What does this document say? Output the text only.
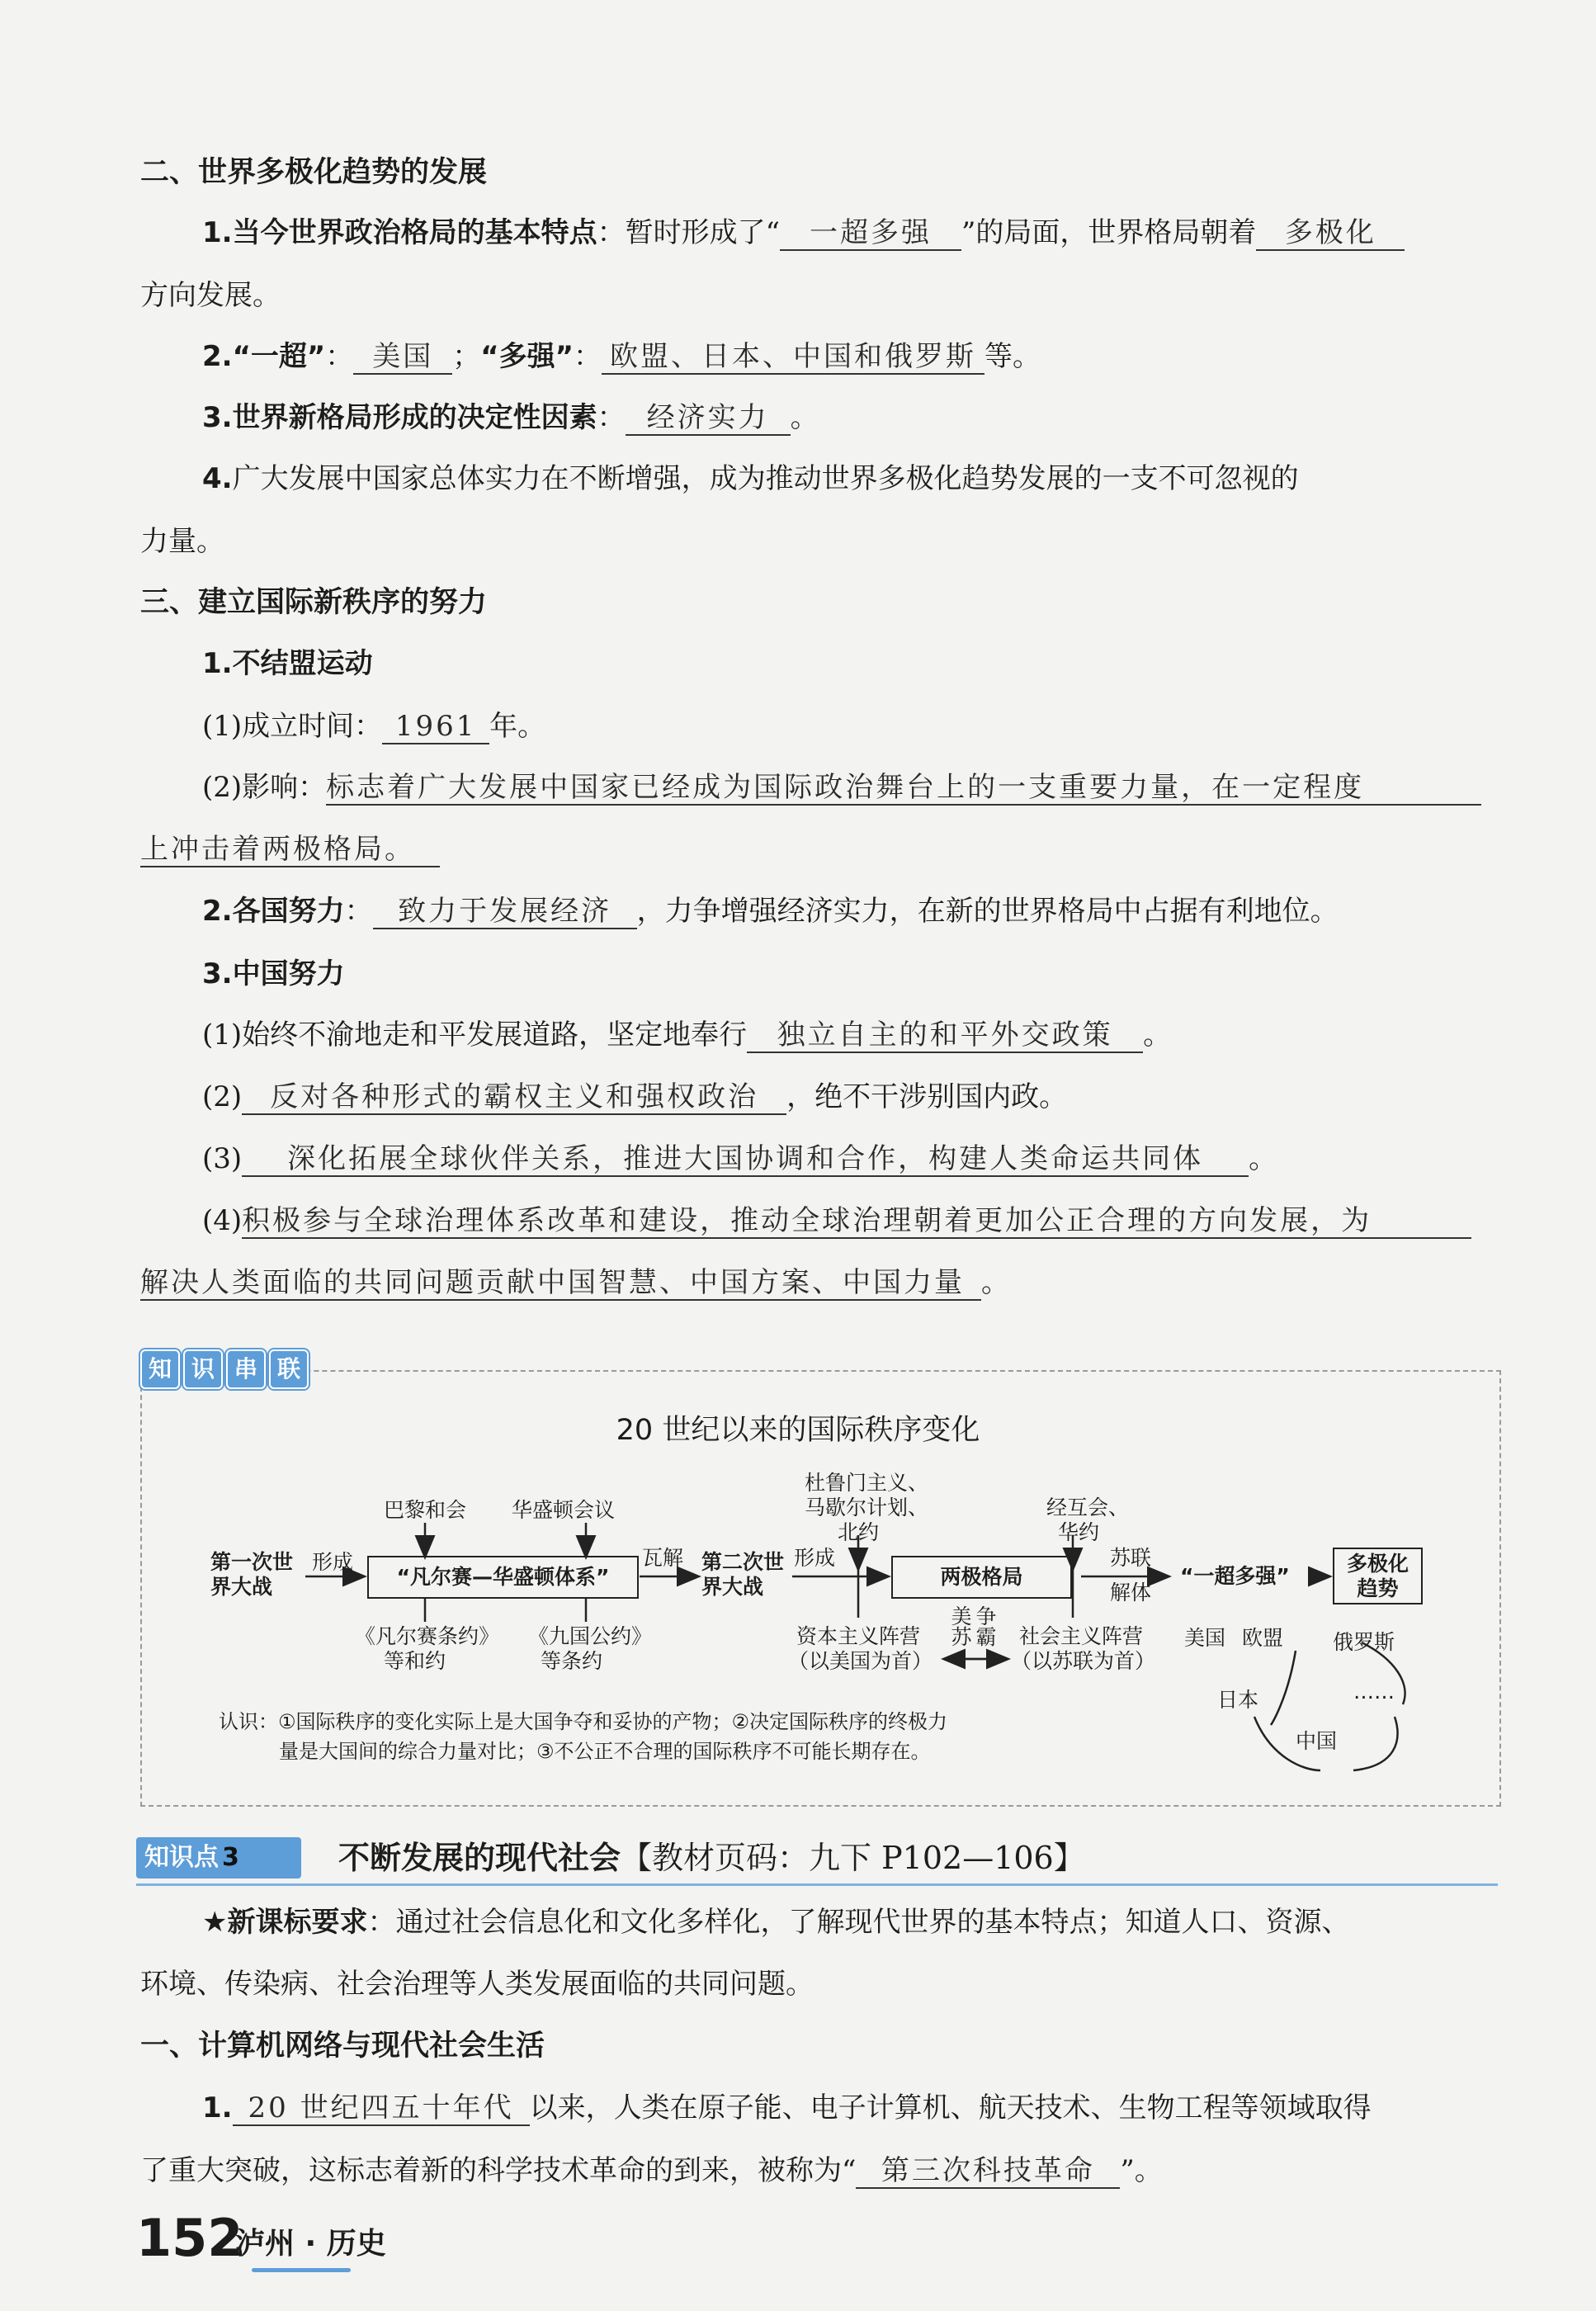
二、世界多极化趋势的发展
1.当今世界政治格局的基本特点：暂时形成了“ 一超多强 ”的局面，世界格局朝着 多极化
方向发展。
2.“一超”： 美国 ；“多强”： 欧盟、日本、中国和俄罗斯 等。
3.世界新格局形成的决定性因素： 经济实力 。
4.广大发展中国家总体实力在不断增强，成为推动世界多极化趋势发展的一支不可忽视的
力量。
三、建立国际新秩序的努力
1.不结盟运动
(1)成立时间： 1961 年。
(2)影响：标志着广大发展中国家已经成为国际政治舞台上的一支重要力量，在一定程度
上冲击着两极格局。
2.各国努力： 致力于发展经济 ，力争增强经济实力，在新的世界格局中占据有利地位。
3.中国努力
(1)始终不渝地走和平发展道路，坚定地奉行 独立自主的和平外交政策 。
(2) 反对各种形式的霸权主义和强权政治 ，绝不干涉别国内政。
(3) 深化拓展全球伙伴关系，推进大国协调和合作，构建人类命运共同体 。
(4)积极参与全球治理体系改革和建设，推动全球治理朝着更加公正合理的方向发展，为
解决人类面临的共同问题贡献中国智慧、中国方案、中国力量 。
知 识 串 联
20 世纪以来的国际秩序变化
第一次世
界大战
形成
巴黎和会 华盛顿会议
“凡尔赛—华盛顿体系”
《凡尔赛条约》
等和约
《九国公约》
等条约
瓦解 第二次世
界大战
形成
杜鲁门主义、
马歇尔计划、
北约
两极格局
经互会、
华约
美苏 争霸
资本主义阵营
（以美国为首）
社会主义阵营
（以苏联为首）
苏联
解体
“一超多强”
多极化
趋势
美国 欧盟 俄罗斯
日本
中国
……
认识：①国际秩序的变化实际上是大国争夺和妥协的产物；②决定国际秩序的终极力
量是大国间的综合力量对比；③不公正不合理的国际秩序不可能长期存在。
知识点 3	不断发展的现代社会【教材页码：九下 P102—106】
★新课标要求：通过社会信息化和文化多样化，了解现代世界的基本特点；知道人口、资源、
环境、传染病、社会治理等人类发展面临的共同问题。
一、计算机网络与现代社会生活
1. 20 世纪四五十年代 以来，人类在原子能、电子计算机、航天技术、生物工程等领域取得
了重大突破，这标志着新的科学技术革命的到来，被称为“ 第三次科技革命 ”。
152
泸州 · 历史
